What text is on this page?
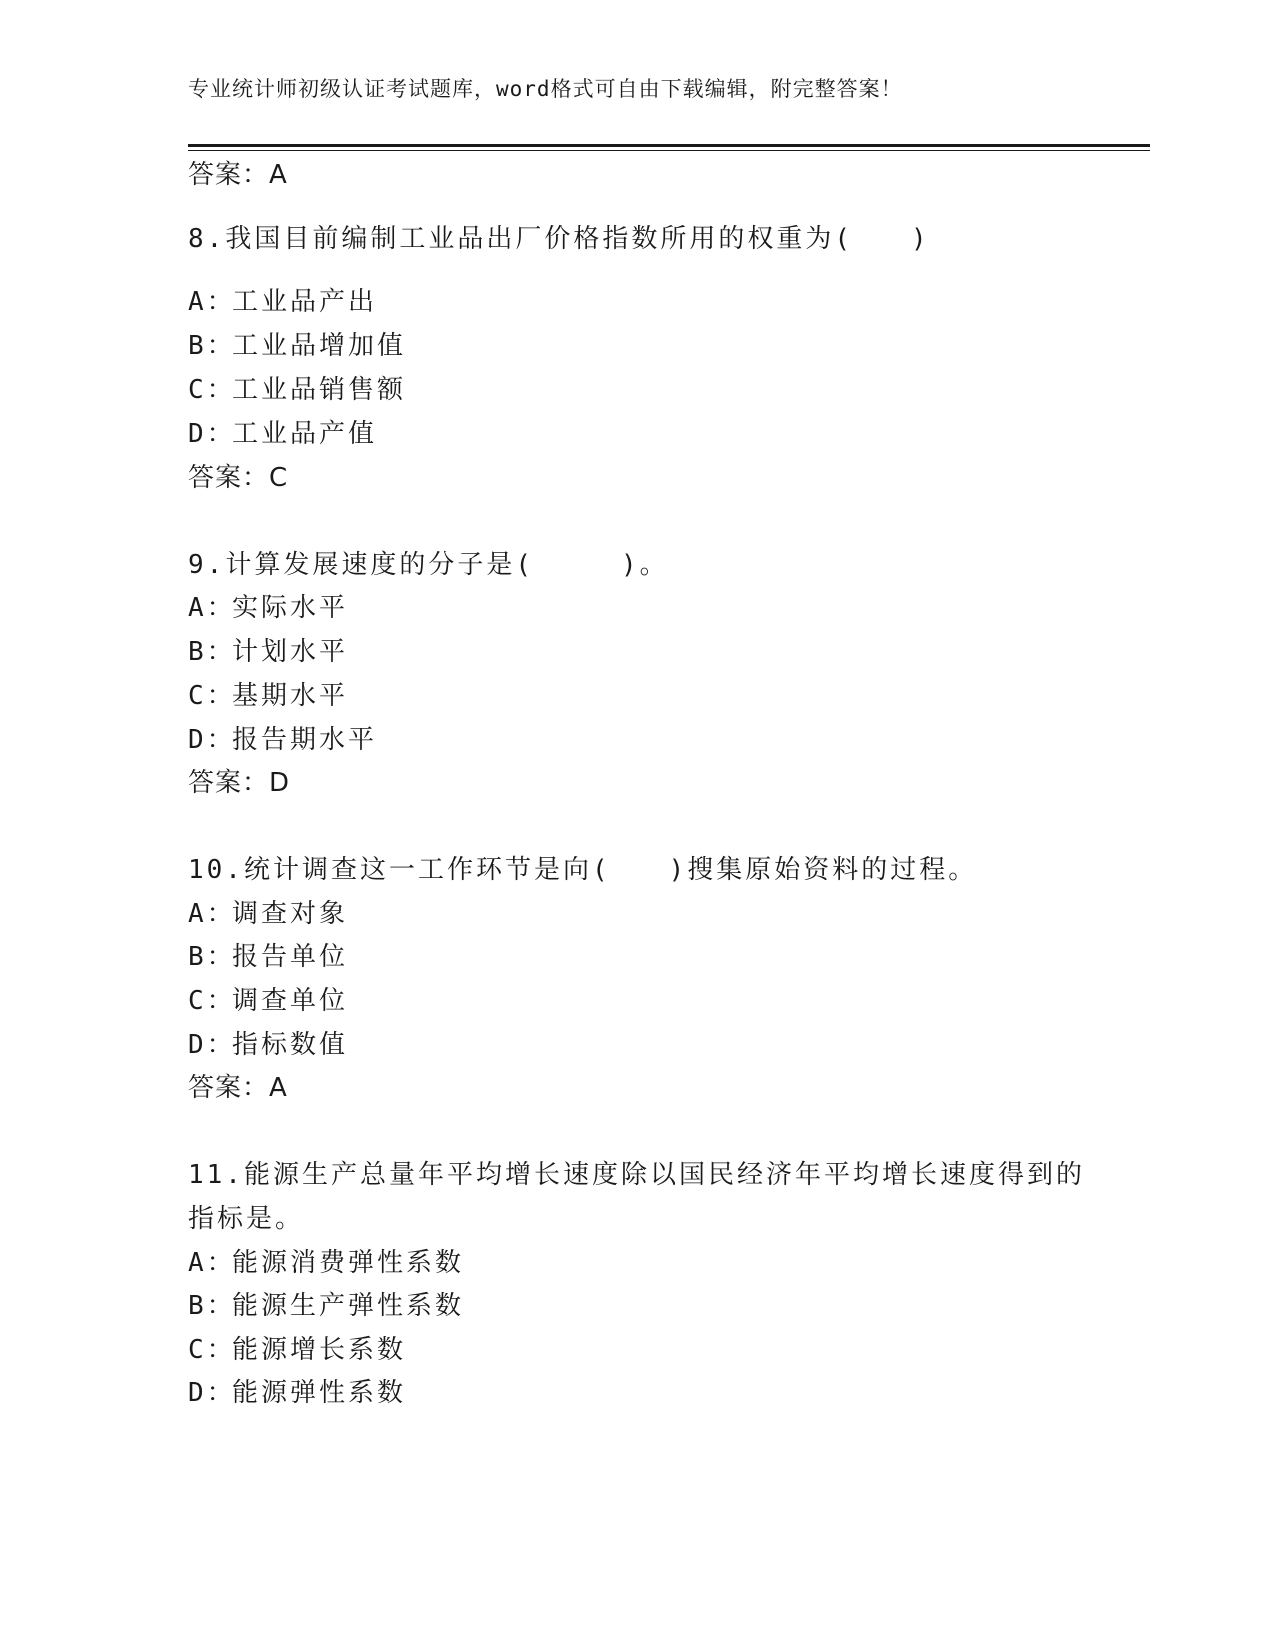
专业统计师初级认证考试题库，word格式可自由下载编辑，附完整答案！
答案：A
8.我国目前编制工业品出厂价格指数所用的权重为(　　)
A：工业品产出
B：工业品增加值
C：工业品销售额
D：工业品产值
答案：C
9.计算发展速度的分子是(　　　)。
A：实际水平
B：计划水平
C：基期水平
D：报告期水平
答案：D
10.统计调查这一工作环节是向(　　)搜集原始资料的过程。
A：调查对象
B：报告单位
C：调查单位
D：指标数值
答案：A
11.能源生产总量年平均增长速度除以国民经济年平均增长速度得到的
指标是。
A：能源消费弹性系数
B：能源生产弹性系数
C：能源增长系数
D：能源弹性系数
